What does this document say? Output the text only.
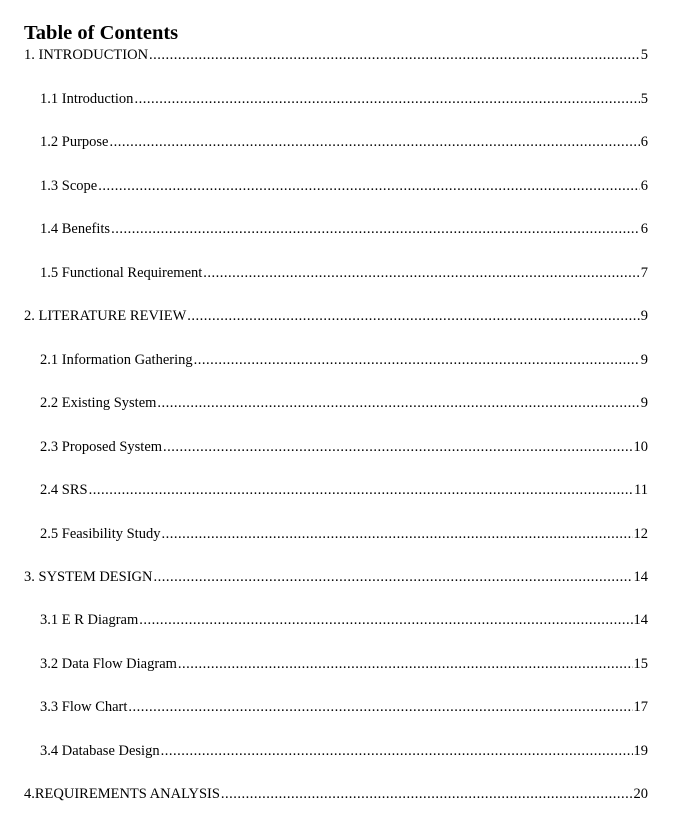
Table of Contents
1. INTRODUCTION .....	5
1.1 Introduction .....	5
1.2 Purpose .....	6
1.3 Scope .....	6
1.4 Benefits .....	6
1.5 Functional Requirement .....	7
2. LITERATURE REVIEW .....	9
2.1 Information Gathering .....	9
2.2 Existing System .....	9
2.3 Proposed System .....	10
2.4 SRS .....	11
2.5 Feasibility Study .....	12
3. SYSTEM DESIGN .....	14
3.1 E R Diagram .....	14
3.2 Data Flow Diagram .....	15
3.3 Flow Chart .....	17
3.4 Database Design .....	19
4.REQUIREMENTS ANALYSIS .....	20
